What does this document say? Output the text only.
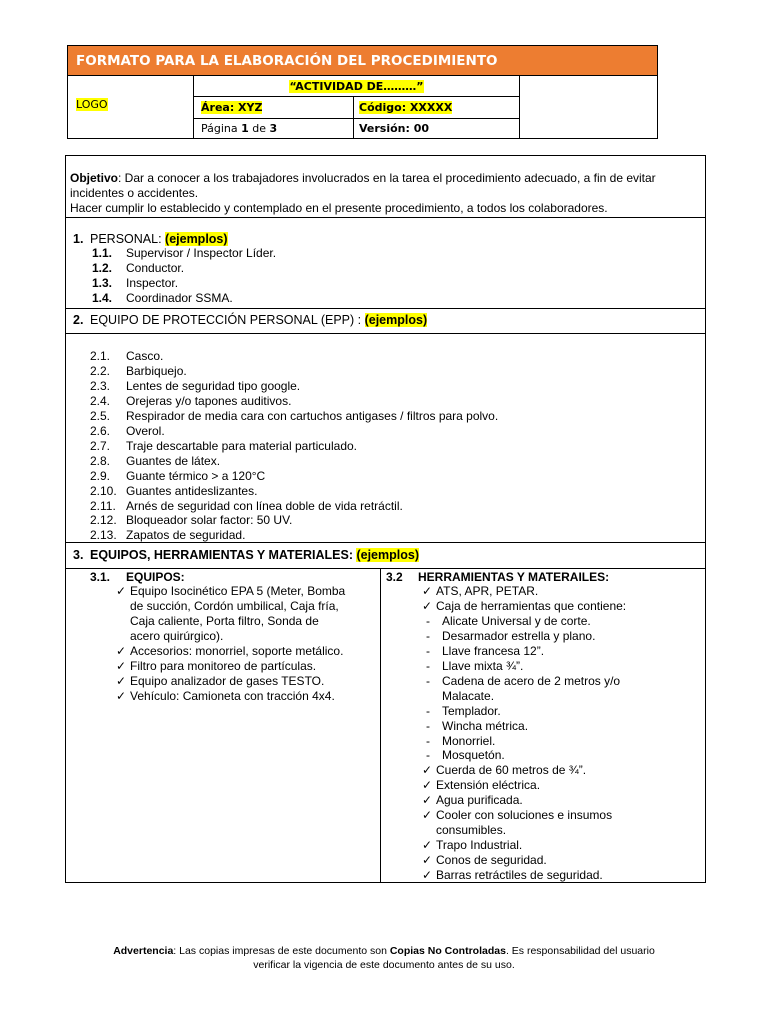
FORMATO PARA LA ELABORACIÓN DEL PROCEDIMIENTO
LOGO
“ACTIVIDAD DE………”
Área: XYZ	Código: XXXXX
Página 1 de 3	Versión: 00
Objetivo: Dar a conocer a los trabajadores involucrados en la tarea el procedimiento adecuado, a fin de evitar
incidentes o accidentes.
Hacer cumplir lo establecido y contemplado en el presente procedimiento, a todos los colaboradores.
1. PERSONAL: (ejemplos)
1.1. Supervisor / Inspector Líder.
1.2. Conductor.
1.3. Inspector.
1.4. Coordinador SSMA.
2. EQUIPO DE PROTECCIÓN PERSONAL (EPP) : (ejemplos)
2.1. Casco.
2.2. Barbiquejo.
2.3. Lentes de seguridad tipo google.
2.4. Orejeras y/o tapones auditivos.
2.5. Respirador de media cara con cartuchos antigases / filtros para polvo.
2.6. Overol.
2.7. Traje descartable para material particulado.
2.8. Guantes de látex.
2.9. Guante térmico > a 120°C
2.10. Guantes antideslizantes.
2.11. Arnés de seguridad con línea doble de vida retráctil.
2.12. Bloqueador solar factor: 50 UV.
2.13. Zapatos de seguridad.
3. EQUIPOS, HERRAMIENTAS Y MATERIALES: (ejemplos)
3.1. EQUIPOS:
✓ Equipo Isocinético EPA 5 (Meter, Bomba
de succión, Cordón umbilical, Caja fría,
Caja caliente, Porta filtro, Sonda de
acero quirúrgico).
✓ Accesorios: monorriel, soporte metálico.
✓ Filtro para monitoreo de partículas.
✓ Equipo analizador de gases TESTO.
✓ Vehículo: Camioneta con tracción 4x4.
3.2 HERRAMIENTAS Y MATERAILES:
✓ ATS, APR, PETAR.
✓ Caja de herramientas que contiene:
- Alicate Universal y de corte.
- Desarmador estrella y plano.
- Llave francesa 12”.
- Llave mixta ¾”.
- Cadena de acero de 2 metros y/o
Malacate.
- Templador.
- Wincha métrica.
- Monorriel.
- Mosquetón.
✓ Cuerda de 60 metros de ¾”.
✓ Extensión eléctrica.
✓ Agua purificada.
✓ Cooler con soluciones e insumos
consumibles.
✓ Trapo Industrial.
✓ Conos de seguridad.
✓ Barras retráctiles de seguridad.
Advertencia: Las copias impresas de este documento son Copias No Controladas. Es responsabilidad del usuario
verificar la vigencia de este documento antes de su uso.
